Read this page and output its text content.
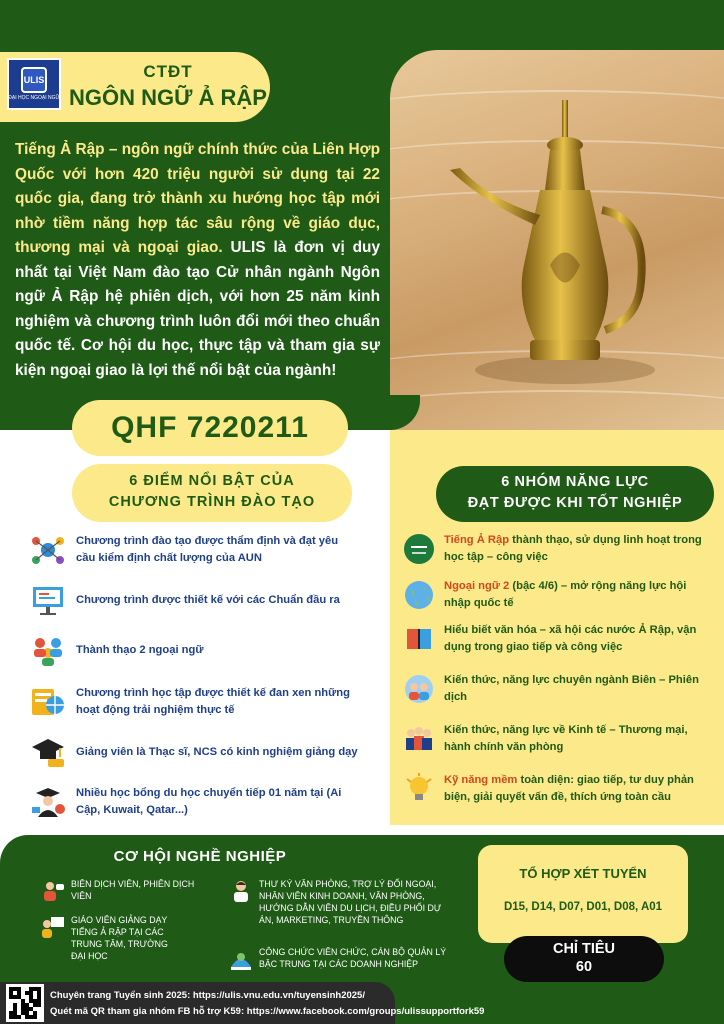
ULIS
ĐẠI HỌC NGOẠI NGỮ
CTĐT
NGÔN NGỮ Ả RẬP

Tiếng Ả Rập – ngôn ngữ chính thức của Liên Hợp Quốc với hơn 420 triệu người sử dụng tại 22 quốc gia, đang trở thành xu hướng học tập mới nhờ tiềm năng hợp tác sâu rộng về giáo dục, thương mại và ngoại giao. ULIS là đơn vị duy nhất tại Việt Nam đào tạo Cử nhân ngành Ngôn ngữ Ả Rập hệ phiên dịch, với hơn 25 năm kinh nghiệm và chương trình luôn đổi mới theo chuẩn quốc tế. Cơ hội du học, thực tập và tham gia sự kiện ngoại giao là lợi thế nổi bật của ngành!

QHF 7220211
6 ĐIỂM NỔI BẬT CỦA
CHƯƠNG TRÌNH ĐÀO TẠO
6 NHÓM NĂNG LỰC
ĐẠT ĐƯỢC KHI TỐT NGHIỆP
Chương trình đào tạo được thẩm định và đạt yêu cầu kiểm định chất lượng của AUN
Chương trình được thiết kế với các Chuẩn đầu ra
Thành thạo 2 ngoại ngữ
Chương trình học tập được thiết kế đan xen những hoạt động trải nghiệm thực tế
Giảng viên là Thạc sĩ, NCS có kinh nghiệm giảng dạy
Nhiều học bổng du học chuyển tiếp 01 năm tại (Ai Cập, Kuwait, Qatar...)
Tiếng Ả Rập thành thạo, sử dụng linh hoạt trong học tập – công việc
Ngoại ngữ 2 (bậc 4/6) – mở rộng năng lực hội nhập quốc tế
Hiểu biết văn hóa – xã hội các nước Ả Rập, vận dụng trong giao tiếp và công việc
Kiến thức, năng lực chuyên ngành Biên – Phiên dịch
Kiến thức, năng lực về Kinh tế – Thương mại, hành chính văn phòng
Kỹ năng mềm toàn diện: giao tiếp, tư duy phản biện, giải quyết vấn đề, thích ứng toàn cầu
CƠ HỘI NGHỀ NGHIỆP
BIÊN DỊCH VIÊN, PHIÊN DỊCH VIÊN
GIÁO VIÊN GIẢNG DẠY TIẾNG Ả RẬP TẠI CÁC TRUNG TÂM, TRƯỜNG ĐẠI HỌC
THƯ KÝ VĂN PHÒNG, TRỢ LÝ ĐỐI NGOẠI, NHÂN VIÊN KINH DOANH, VĂN PHÒNG, HƯỚNG DẪN VIÊN DU LỊCH, ĐIỀU PHỐI DỰ ÁN, MARKETING, TRUYỀN THÔNG
CÔNG CHỨC VIÊN CHỨC, CÁN BỘ QUẢN LÝ BẬC TRUNG TẠI CÁC DOANH NGHIỆP
TỔ HỢP XÉT TUYỂN
D15, D14, D07, D01, D08, A01
CHỈ TIÊU
60
Chuyên trang Tuyển sinh 2025: https://ulis.vnu.edu.vn/tuyensinh2025/
Quét mã QR tham gia nhóm FB hỗ trợ K59: https://www.facebook.com/groups/ulissupportfork59
